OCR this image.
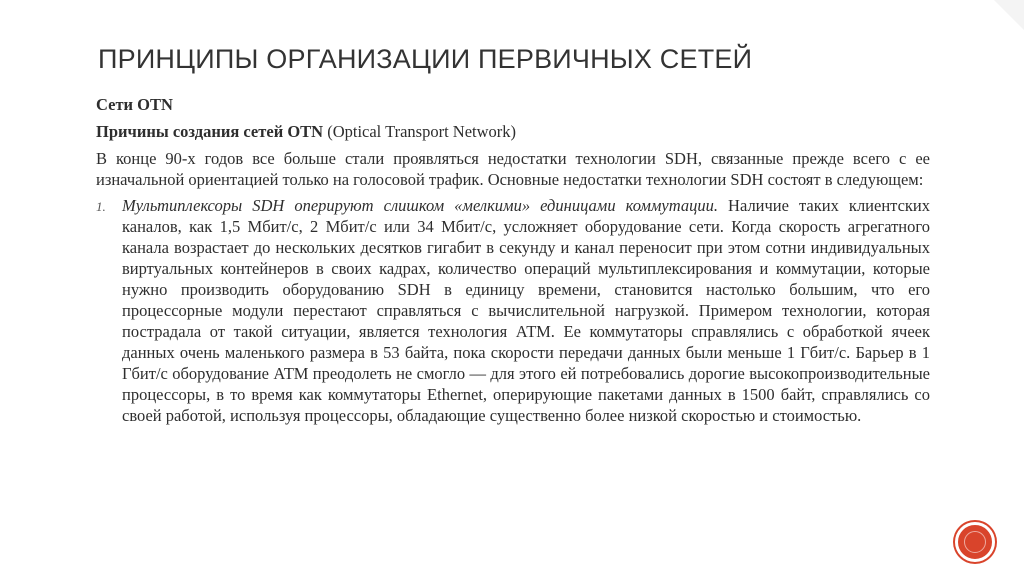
ПРИНЦИПЫ ОРГАНИЗАЦИИ ПЕРВИЧНЫХ СЕТЕЙ

Сети OTN

Причины создания сетей OTN (Optical Transport Network)

В конце 90-х годов все больше стали проявляться недостатки технологии SDH, связанные прежде всего с ее изначальной ориентацией только на голосовой трафик. Основные недостатки технологии SDH состоят в следующем:

1. Мультиплексоры SDH оперируют слишком «мелкими» единицами коммутации. Наличие таких клиентских каналов, как 1,5 Мбит/с, 2 Мбит/с или 34 Мбит/с, усложняет оборудование сети. Когда скорость агрегатного канала возрастает до нескольких десятков гигабит в секунду и канал переносит при этом сотни индивидуальных виртуальных контейнеров в своих кадрах, количество операций мультиплексирования и коммутации, которые нужно производить оборудованию SDH в единицу времени, становится настолько большим, что его процессорные модули перестают справляться с вычислительной нагрузкой. Примером технологии, которая пострадала от такой ситуации, является технология АТМ. Ее коммутаторы справлялись с обработкой ячеек данных очень маленького размера в 53 байта, пока скорости передачи данных были меньше 1 Гбит/с. Барьер в 1 Гбит/с оборудование АТМ преодолеть не смогло — для этого ей потребовались дорогие высокопроизводительные процессоры, в то время как коммутаторы Ethernet, оперирующие пакетами данных в 1500 байт, справлялись со своей работой, используя процессоры, обладающие существенно более низкой скоростью и стоимостью.
